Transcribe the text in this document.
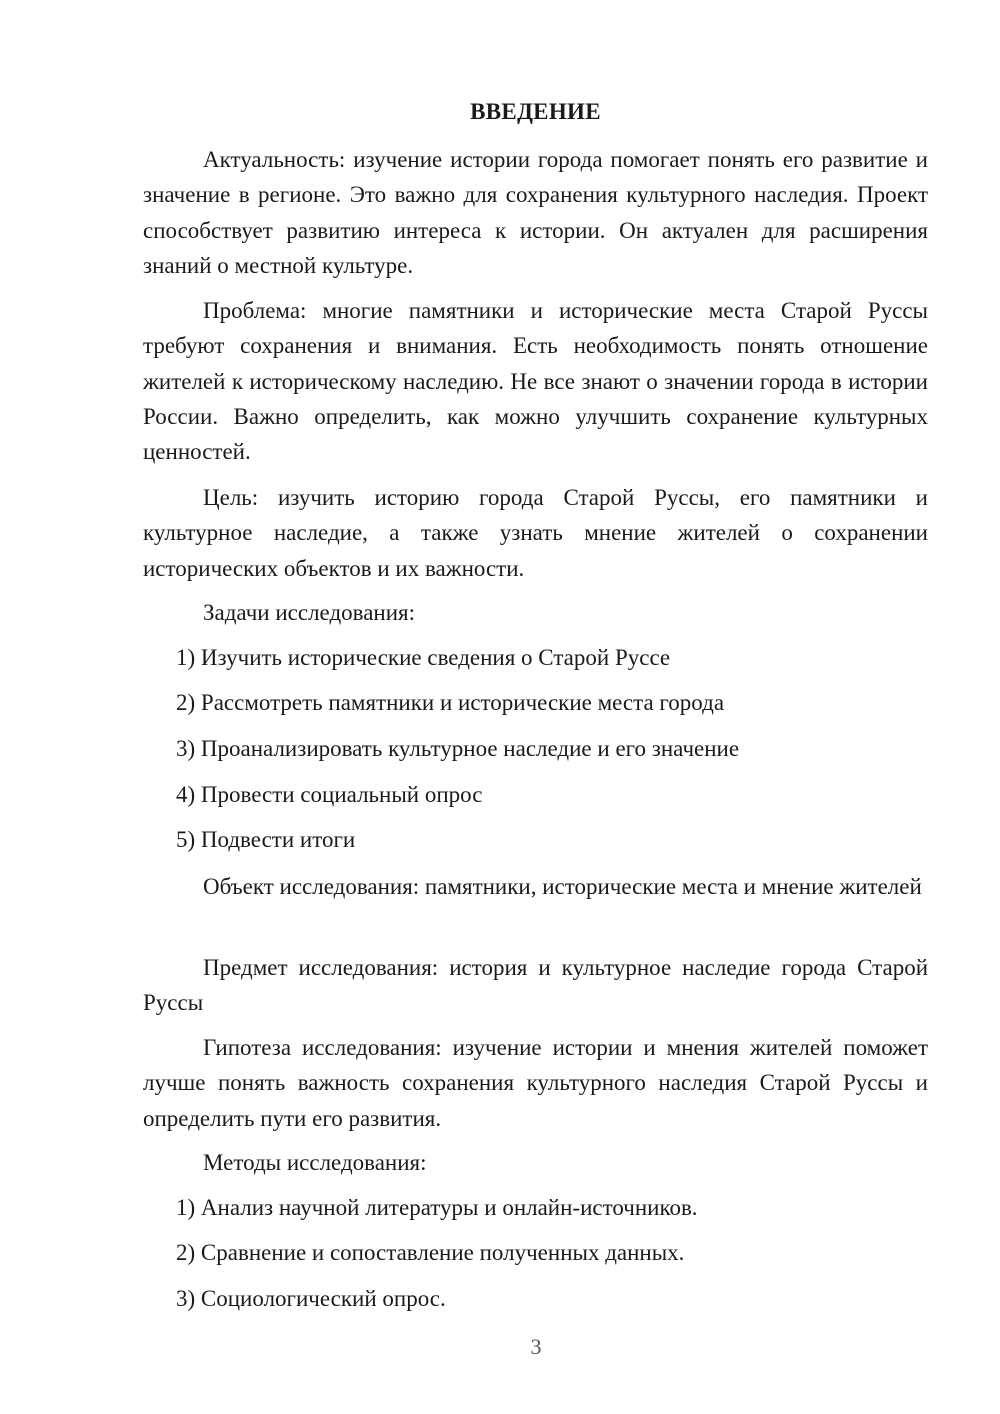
ВВЕДЕНИЕ

Актуальность: изучение истории города помогает понять его развитие и значение в регионе. Это важно для сохранения культурного наследия. Проект способствует развитию интереса к истории. Он актуален для расширения знаний о местной культуре.

Проблема: многие памятники и исторические места Старой Руссы требуют сохранения и внимания. Есть необходимость понять отношение жителей к историческому наследию. Не все знают о значении города в истории России. Важно определить, как можно улучшить сохранение культурных ценностей.

Цель: изучить историю города Старой Руссы, его памятники и культурное наследие, а также узнать мнение жителей о сохранении исторических объектов и их важности.

Задачи исследования:

1) Изучить исторические сведения о Старой Руссе

2) Рассмотреть памятники и исторические места города

3) Проанализировать культурное наследие и его значение

4) Провести социальный опрос

5) Подвести итоги

Объект исследования: памятники, исторические места и мнение жителей

Предмет исследования: история и культурное наследие города Старой Руссы

Гипотеза исследования: изучение истории и мнения жителей поможет лучше понять важность сохранения культурного наследия Старой Руссы и определить пути его развития.

Методы исследования:

1) Анализ научной литературы и онлайн-источников.

2) Сравнение и сопоставление полученных данных.

3) Социологический опрос.

3
